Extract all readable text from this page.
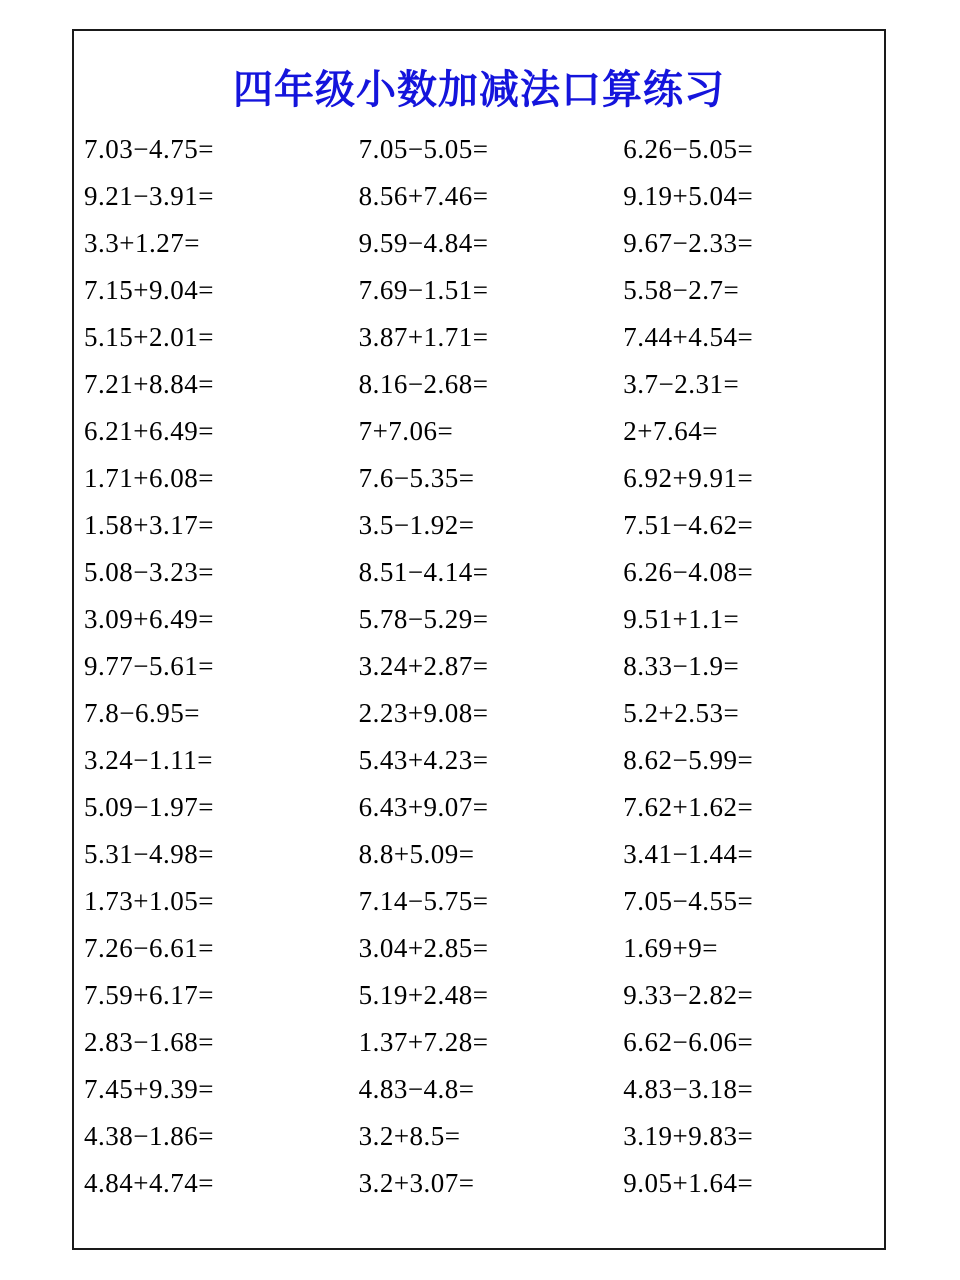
四年级小数加减法口算练习
7.03−4.75=
9.21−3.91=
3.3+1.27=
7.15+9.04=
5.15+2.01=
7.21+8.84=
6.21+6.49=
1.71+6.08=
1.58+3.17=
5.08−3.23=
3.09+6.49=
9.77−5.61=
7.8−6.95=
3.24−1.11=
5.09−1.97=
5.31−4.98=
1.73+1.05=
7.26−6.61=
7.59+6.17=
2.83−1.68=
7.45+9.39=
4.38−1.86=
4.84+4.74=
7.05−5.05=
8.56+7.46=
9.59−4.84=
7.69−1.51=
3.87+1.71=
8.16−2.68=
7+7.06=
7.6−5.35=
3.5−1.92=
8.51−4.14=
5.78−5.29=
3.24+2.87=
2.23+9.08=
5.43+4.23=
6.43+9.07=
8.8+5.09=
7.14−5.75=
3.04+2.85=
5.19+2.48=
1.37+7.28=
4.83−4.8=
3.2+8.5=
3.2+3.07=
6.26−5.05=
9.19+5.04=
9.67−2.33=
5.58−2.7=
7.44+4.54=
3.7−2.31=
2+7.64=
6.92+9.91=
7.51−4.62=
6.26−4.08=
9.51+1.1=
8.33−1.9=
5.2+2.53=
8.62−5.99=
7.62+1.62=
3.41−1.44=
7.05−4.55=
1.69+9=
9.33−2.82=
6.62−6.06=
4.83−3.18=
3.19+9.83=
9.05+1.64=
